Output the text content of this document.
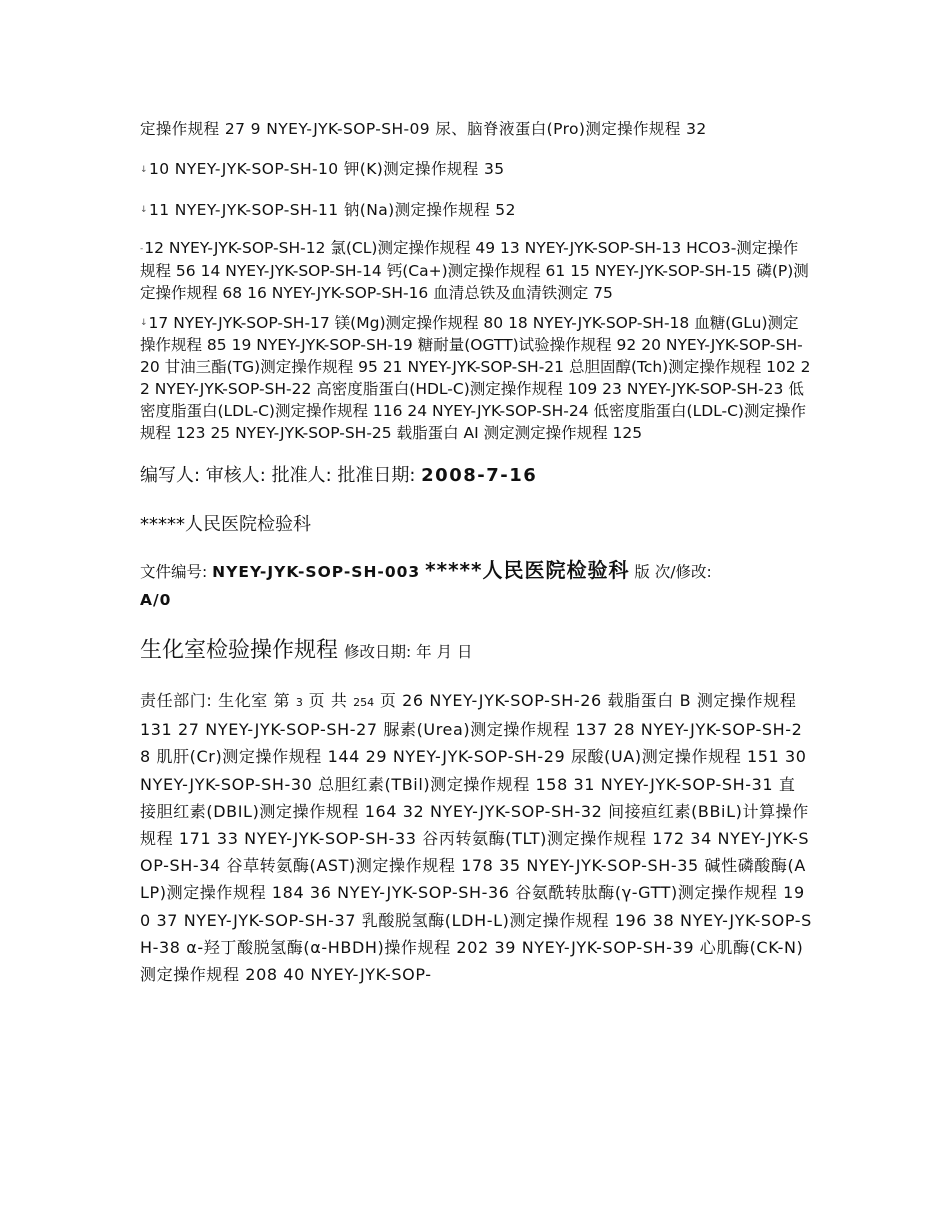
定操作规程 27 9 NYEY-JYK-SOP-SH-09 尿、脑脊液蛋白(Pro)测定操作规程 32

↓10 NYEY-JYK-SOP-SH-10 钾(K)测定操作规程 35

↓11 NYEY-JYK-SOP-SH-11 钠(Na)测定操作规程 52

-12 NYEY-JYK-SOP-SH-12 氯(CL)测定操作规程 49 13 NYEY-JYK-SOP-SH-13 HCO3-测定操作规程 56 14 NYEY-JYK-SOP-SH-14 钙(Ca+)测定操作规程 61 15 NYEY-JYK-SOP-SH-15 磷(P)测定操作规程 68 16 NYEY-JYK-SOP-SH-16 血清总铁及血清铁测定 75

↓17 NYEY-JYK-SOP-SH-17 镁(Mg)测定操作规程 80 18 NYEY-JYK-SOP-SH-18 血糖(GLu)测定操作规程 85 19 NYEY-JYK-SOP-SH-19 糖耐量(OGTT)试验操作规程 92 20 NYEY-JYK-SOP-SH-20 甘油三酯(TG)测定操作规程 95 21 NYEY-JYK-SOP-SH-21 总胆固醇(Tch)测定操作规程 102 22 NYEY-JYK-SOP-SH-22 高密度脂蛋白(HDL-C)测定操作规程 109 23 NYEY-JYK-SOP-SH-23 低密度脂蛋白(LDL-C)测定操作规程 116 24 NYEY-JYK-SOP-SH-24 低密度脂蛋白(LDL-C)测定操作规程 123 25 NYEY-JYK-SOP-SH-25 载脂蛋白 AI 测定测定操作规程 125

编写人: 审核人: 批准人: 批准日期: 2008-7-16

*****人民医院检验科

文件编号: NYEY-JYK-SOP-SH-003 *****人民医院检验科 版 次/修改:
A/0

生化室检验操作规程 修改日期: 年 月 日

责任部门: 生化室 第 3 页 共 254 页 26 NYEY-JYK-SOP-SH-26 载脂蛋白 B 测定操作规程 131 27 NYEY-JYK-SOP-SH-27 脲素(Urea)测定操作规程 137 28 NYEY-JYK-SOP-SH-28 肌肝(Cr)测定操作规程 144 29 NYEY-JYK-SOP-SH-29 尿酸(UA)测定操作规程 151 30 NYEY-JYK-SOP-SH-30 总胆红素(TBil)测定操作规程 158 31 NYEY-JYK-SOP-SH-31 直接胆红素(DBIL)测定操作规程 164 32 NYEY-JYK-SOP-SH-32 间接疸红素(BBiL)计算操作规程 171 33 NYEY-JYK-SOP-SH-33 谷丙转氨酶(TLT)测定操作规程 172 34 NYEY-JYK-SOP-SH-34 谷草转氨酶(AST)测定操作规程 178 35 NYEY-JYK-SOP-SH-35 碱性磷酸酶(ALP)测定操作规程 184 36 NYEY-JYK-SOP-SH-36 谷氨酰转肽酶(γ-GTT)测定操作规程 190 37 NYEY-JYK-SOP-SH-37 乳酸脱氢酶(LDH-L)测定操作规程 196 38 NYEY-JYK-SOP-SH-38 α-羟丁酸脱氢酶(α-HBDH)操作规程 202 39 NYEY-JYK-SOP-SH-39 心肌酶(CK-N)测定操作规程 208 40 NYEY-JYK-SOP-
